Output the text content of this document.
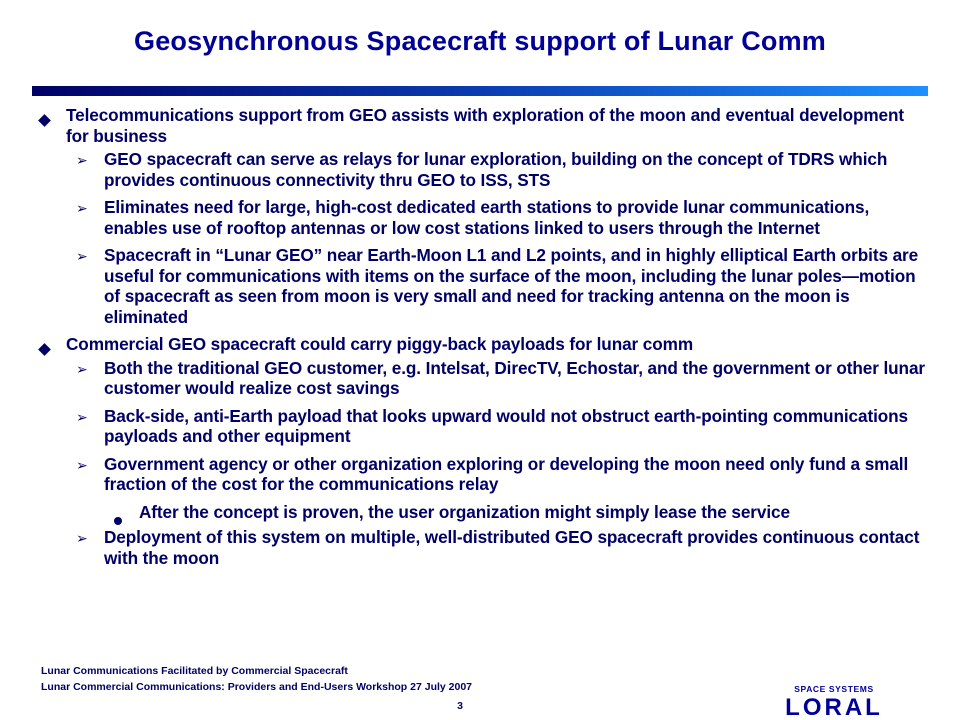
Geosynchronous Spacecraft support of Lunar Comm
Telecommunications support from GEO assists with exploration of the moon and eventual development for business
➢ GEO spacecraft can serve as relays for lunar exploration, building on the concept of TDRS which provides continuous connectivity thru GEO to ISS, STS
➢ Eliminates need for large, high-cost dedicated earth stations to provide lunar communications, enables use of rooftop antennas or low cost stations linked to users through the Internet
➢ Spacecraft in “Lunar GEO” near Earth-Moon L1 and L2 points, and in highly elliptical Earth orbits are useful for communications with items on the surface of the moon, including the lunar poles—motion of spacecraft as seen from moon is very small and need for tracking antenna on the moon is eliminated
Commercial GEO spacecraft could carry piggy-back payloads for lunar comm
➢ Both the traditional GEO customer, e.g. Intelsat, DirecTV, Echostar, and the government or other lunar customer would realize cost savings
➢ Back-side, anti-Earth payload that looks upward would not obstruct earth-pointing communications payloads and other equipment
➢ Government agency or other organization exploring or developing the moon need only fund a small fraction of the cost for the communications relay
After the concept is proven, the user organization might simply lease the service
➢ Deployment of this system on multiple, well-distributed GEO spacecraft provides continuous contact with the moon
Lunar Communications Facilitated by Commercial Spacecraft
Lunar Commercial Communications: Providers and End-Users Workshop 27 July 2007
3
SPACE SYSTEMS
LORAL
